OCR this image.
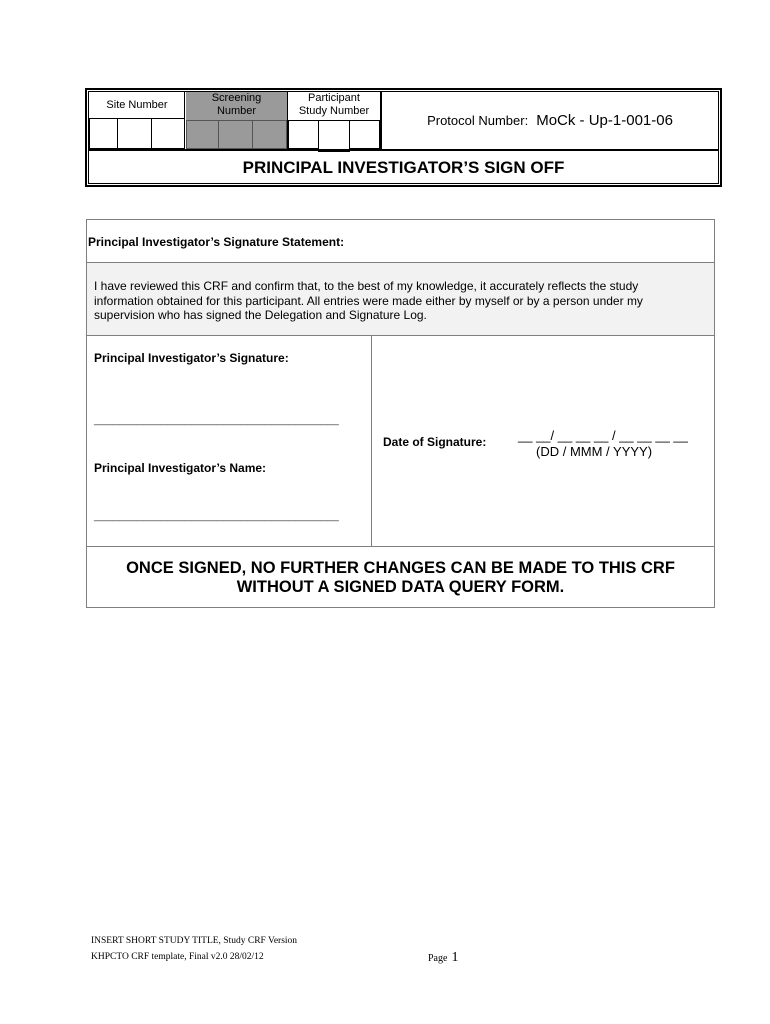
Site Number
Screening
Number
Participant
Study Number
Protocol Number: MoCk - Up-1-001-06
PRINCIPAL INVESTIGATOR’S SIGN OFF
Principal Investigator’s Signature Statement:
I have reviewed this CRF and confirm that, to the best of my knowledge, it accurately reflects the study
information obtained for this participant. All entries were made either by myself or by a person under my
supervision who has signed the Delegation and Signature Log.
Principal Investigator’s Signature:
________________________________________
Principal Investigator’s Name:
________________________________________
Date of Signature: __ __/ __ __ __ / __ __ __ __
(DD / MMM / YYYY)
ONCE SIGNED, NO FURTHER CHANGES CAN BE MADE TO THIS CRF
WITHOUT A SIGNED DATA QUERY FORM.
INSERT SHORT STUDY TITLE, Study CRF Version
KHPCTO CRF template, Final v2.0 28/02/12	Page 1
